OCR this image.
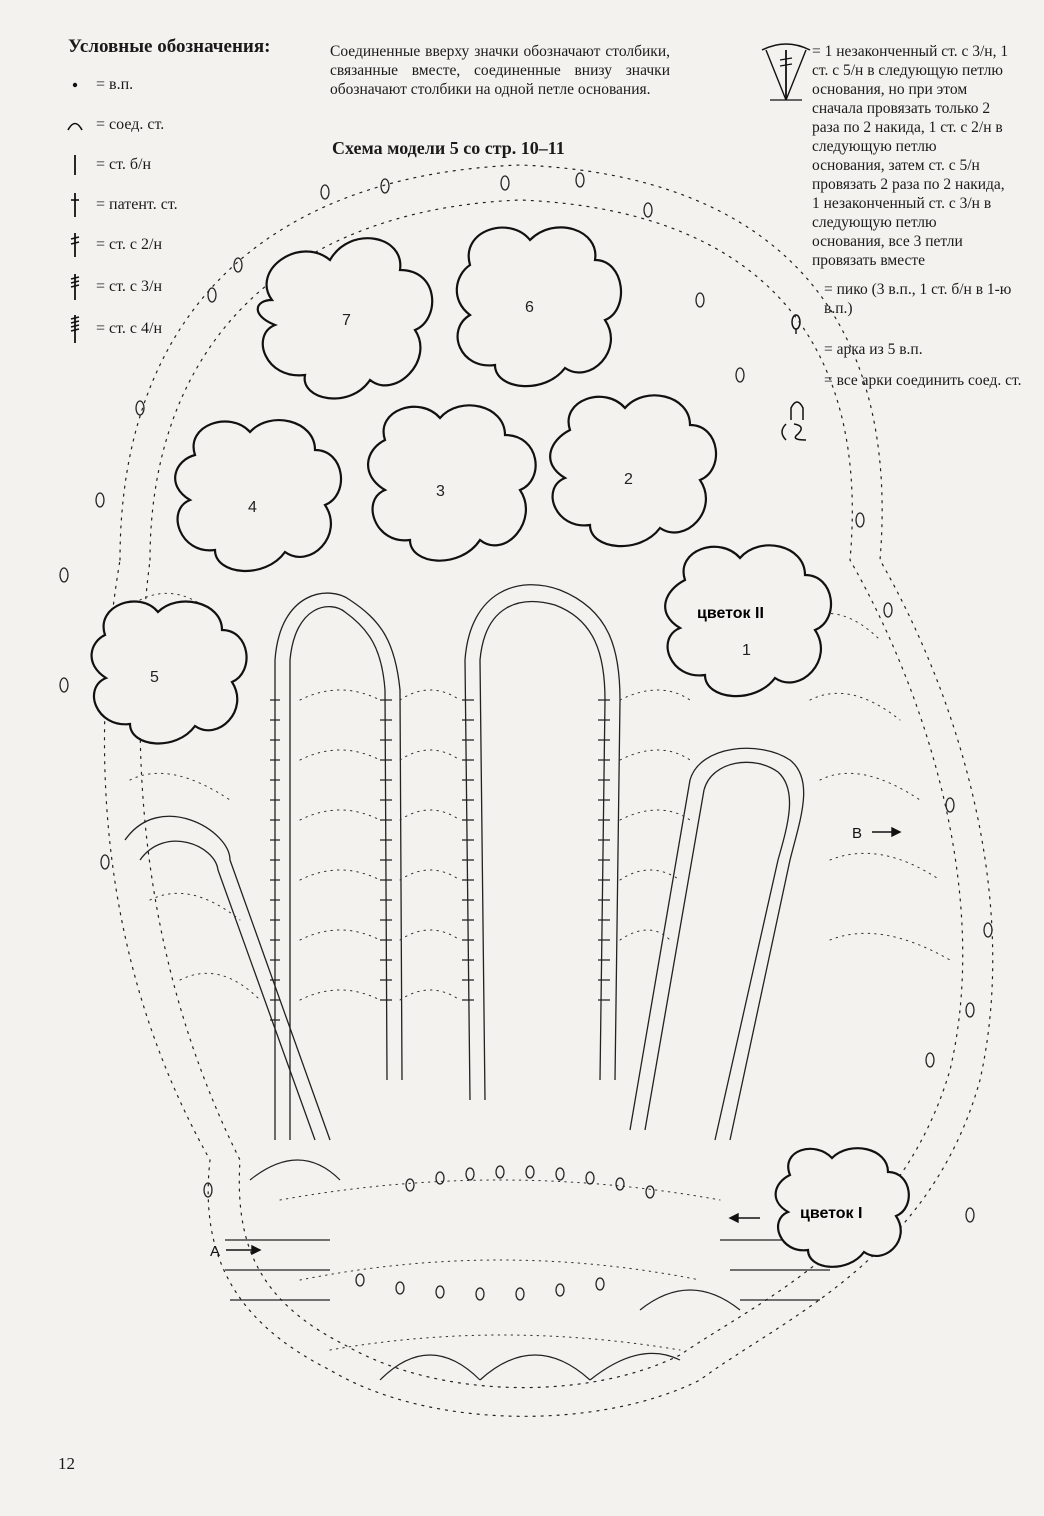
Условные обозначения:
= в.п.
= соед. ст.
= ст. б/н
= патент. ст.
= ст. с 2/н
= ст. с 3/н
= ст. с 4/н
Соединенные вверху значки обозначают столбики, связанные вместе, соединенные внизу значки обозначают столбики на одной петле основания.
Схема модели 5 со стр. 10–11
= 1 незаконченный ст. с 3/н, 1 ст. с 5/н в следующую петлю основания, но при этом сначала провязать только 2 раза по 2 накида, 1 ст. с 2/н в следующую петлю основания, затем ст. с 5/н провязать 2 раза по 2 накида, 1 незаконченный ст. с 3/н в следующую петлю основания, все 3 петли провязать вместе
= пико (3 в.п., 1 ст. б/н в 1-ю в.п.)
= арка из 5 в.п.
= все арки соединить соед. ст.
7
6
3
4
2
5
1
цветок II
цветок I
А
В
12
